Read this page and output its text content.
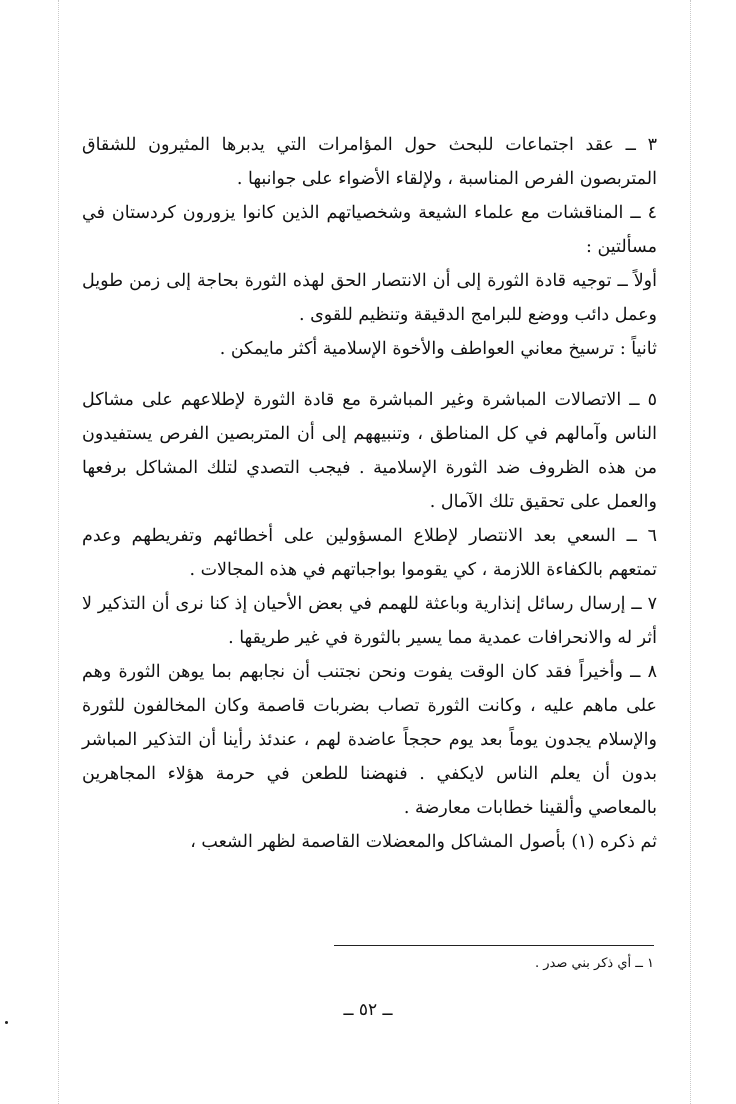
٣ ــ عقد اجتماعات للبحث حول المؤامرات التي يدبرها المثيرون للشقاق المتربصون الفرص المناسبة ، ولإلقاء الأضواء على جوانبها .

٤ ــ المناقشات مع علماء الشيعة وشخصياتهم الذين كانوا يزورون كردستان في مسألتين :

أولاً ــ توجيه قادة الثورة إلى أن الانتصار الحق لهذه الثورة بحاجة إلى زمن طويل وعمل دائب ووضع للبرامج الدقيقة وتنظيم للقوى .

ثانياً : ترسيخ معاني العواطف والأخوة الإسلامية أكثر مايمكن .

٥ ــ الاتصالات المباشرة وغير المباشرة مع قادة الثورة لإطلاعهم على مشاكل الناس وآمالهم في كل المناطق ، وتنبيههم إلى أن المتربصين الفرص يستفيدون من هذه الظروف ضد الثورة الإسلامية . فيجب التصدي لتلك المشاكل برفعها والعمل على تحقيق تلك الآمال .

٦ ــ السعي بعد الانتصار لإطلاع المسؤولين على أخطائهم وتفريطهم وعدم تمتعهم بالكفاءة اللازمة ، كي يقوموا بواجباتهم في هذه المجالات .

٧ ــ إرسال رسائل إنذارية وباعثة للهمم في بعض الأحيان إذ كنا نرى أن التذكير لا أثر له والانحرافات عمدية مما يسير بالثورة في غير طريقها .

٨ ــ وأخيراً فقد كان الوقت يفوت ونحن نجتنب أن نجابهم بما يوهن الثورة وهم على ماهم عليه ، وكانت الثورة تصاب بضربات قاصمة وكان المخالفون للثورة والإسلام يجدون يوماً بعد يوم حججاً عاضدة لهم ، عندئذ رأينا أن التذكير المباشر بدون أن يعلم الناس لايكفي . فنهضنا للطعن في حرمة هؤلاء المجاهرين بالمعاصي وألقينا خطابات معارضة .

ثم ذكره (١) بأصول المشاكل والمعضلات القاصمة لظهر الشعب ،

١ ــ أي ذكر بني صدر .
ــ ٥٢ ــ
